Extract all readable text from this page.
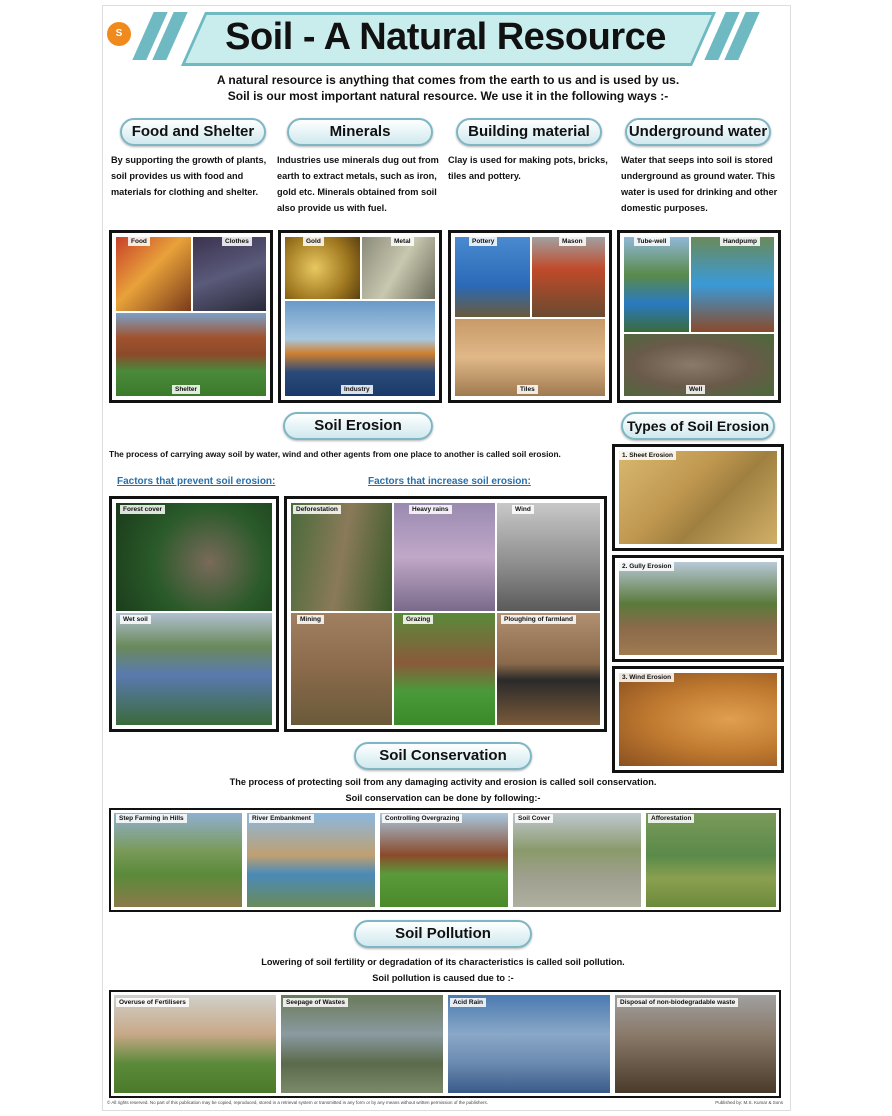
Soil - A Natural Resource
S
A natural resource is anything that comes from the earth to us and is used by us.
Soil is our most important natural resource. We use it in the following ways :-
Food and Shelter	Minerals	Building material	Underground water
By supporting the growth of plants, soil provides us with food and materials for clothing and shelter.
Industries use minerals dug out from earth to extract metals, such as iron, gold etc. Minerals obtained from soil also provide us with fuel.
Clay is used for making pots, bricks, tiles and pottery.
Water that seeps into soil is stored underground as ground water. This water is used for drinking and other domestic purposes.
Food	Clothes
Shelter
Gold	Metal
Industry
Pottery	Mason
Tiles
Tube-well	Handpump
Well
Soil Erosion
The process of carrying away soil by water, wind and other agents from one place to another is called soil erosion.
Factors that prevent soil erosion:	Factors that increase soil erosion:
Forest cover
Wet soil
Deforestation	Heavy rains	Wind
Mining	Grazing	Ploughing of farmland
Types of Soil Erosion
1. Sheet Erosion
2. Gully Erosion
3. Wind Erosion
Soil Conservation
The process of protecting soil from any damaging activity and erosion is called soil conservation.
Soil conservation can be done by following:-
Step Farming in Hills	River Embankment	Controlling Overgrazing	Soil Cover	Afforestation
Soil Pollution
Lowering of soil fertility or degradation of its characteristics is called soil pollution.
Soil pollution is caused due to :-
Overuse of Fertilisers	Seepage of Wastes	Acid Rain	Disposal of non-biodegradable waste
© All rights reserved. No part of this publication may be copied, reproduced, stored in a retrieval system or transmitted in any form or by any means without written permission of the publishers.	Published by: M.S. Kumar & Sons
